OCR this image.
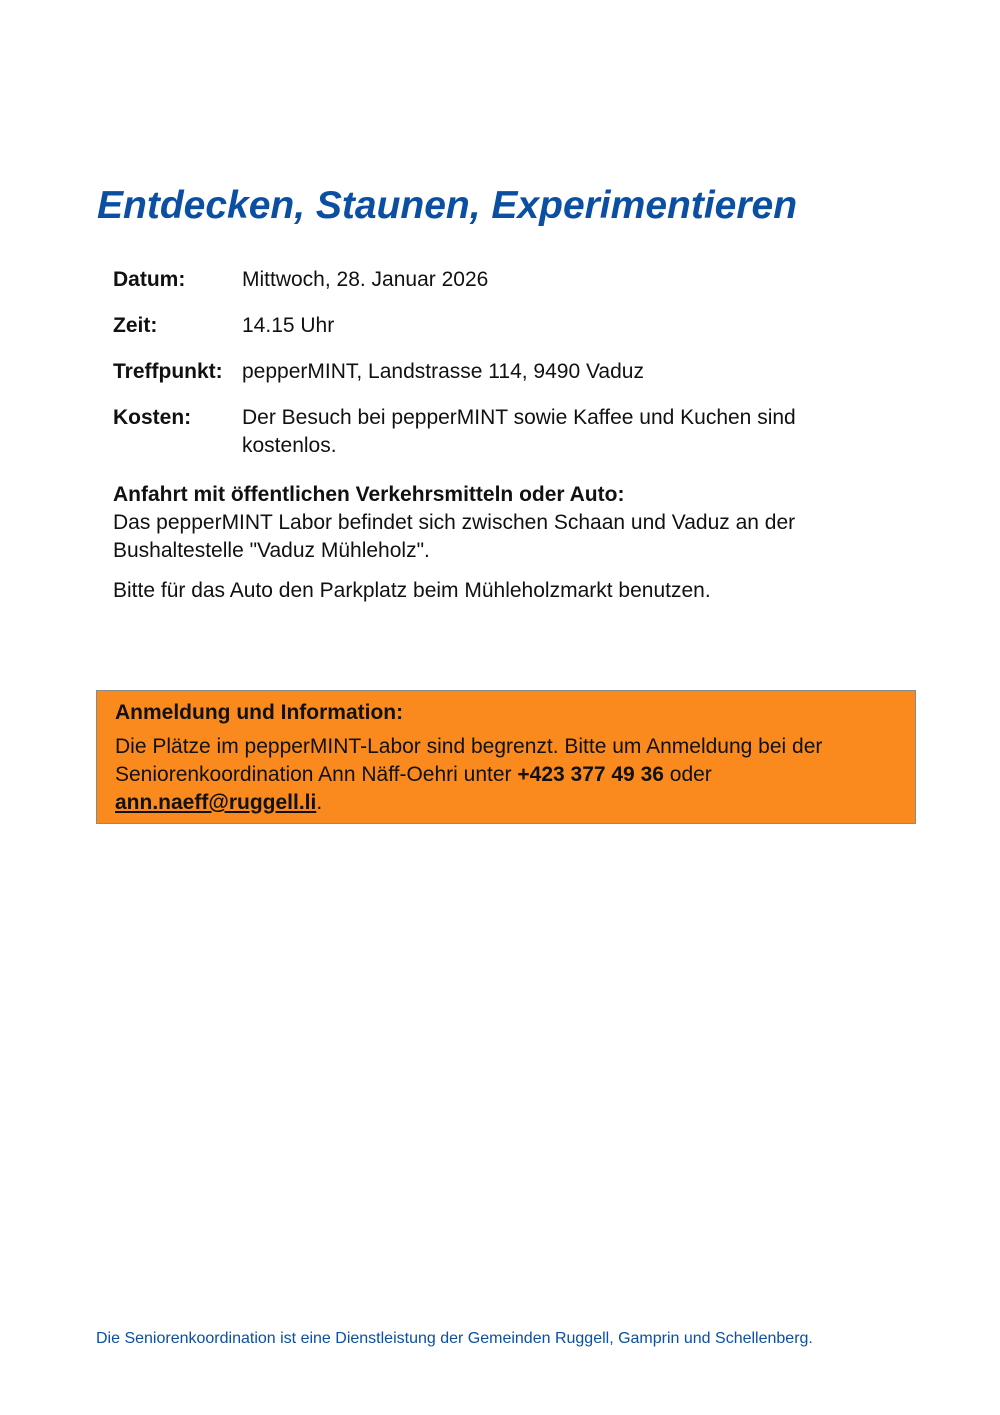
Entdecken, Staunen, Experimentieren
Datum:	Mittwoch, 28. Januar 2026
Zeit:	14.15 Uhr
Treffpunkt: pepperMINT, Landstrasse 114, 9490 Vaduz
Kosten:	Der Besuch bei pepperMINT sowie Kaffee und Kuchen sind kostenlos.
Anfahrt mit öffentlichen Verkehrsmitteln oder Auto:
Das pepperMINT Labor befindet sich zwischen Schaan und Vaduz an der Bushaltestelle "Vaduz Mühleholz".
Bitte für das Auto den Parkplatz beim Mühleholzmarkt benutzen.
Anmeldung und Information:
Die Plätze im pepperMINT-Labor sind begrenzt. Bitte um Anmeldung bei der Seniorenkoordination Ann Näff-Oehri unter +423 377 49 36 oder ann.naeff@ruggell.li.
Die Seniorenkoordination ist eine Dienstleistung der Gemeinden Ruggell, Gamprin und Schellenberg.
